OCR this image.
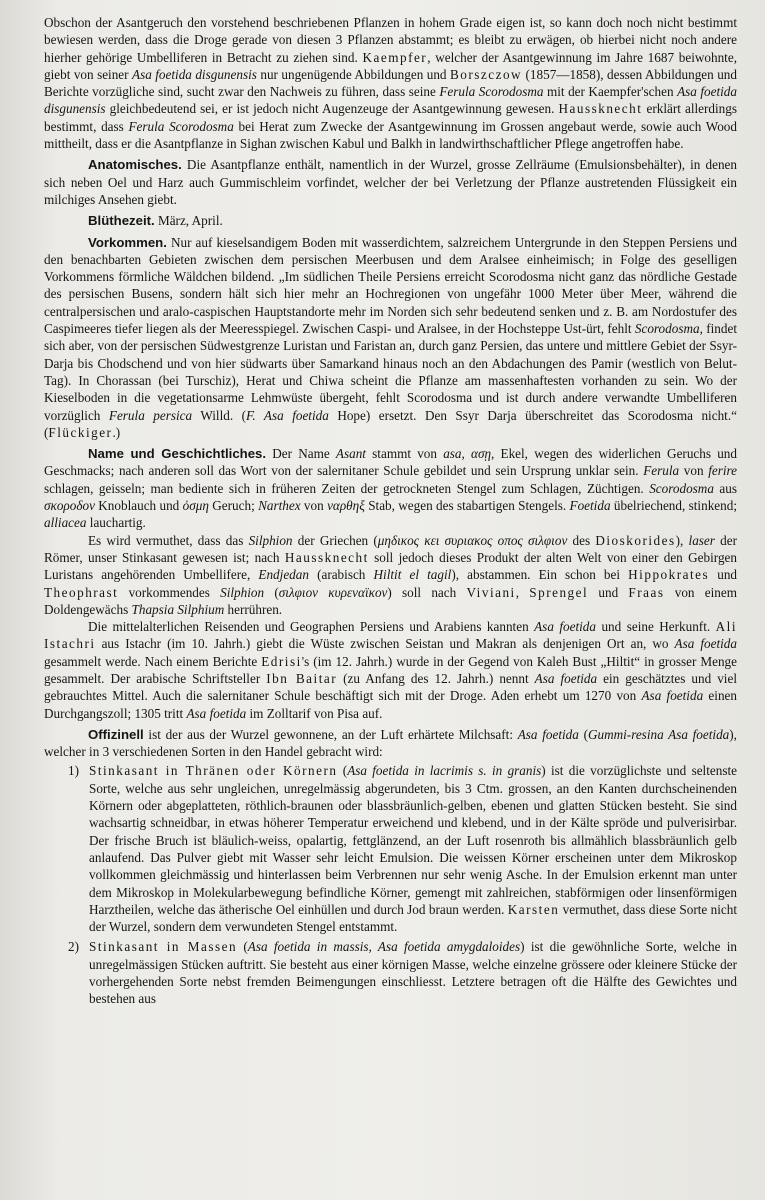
Obschon der Asantgeruch den vorstehend beschriebenen Pflanzen in hohem Grade eigen ist, so kann doch noch nicht bestimmt bewiesen werden, dass die Droge gerade von diesen 3 Pflanzen abstammt; es bleibt zu erwägen, ob hierbei nicht noch andere hierher gehörige Umbelliferen in Betracht zu ziehen sind. Kaempfer, welcher der Asantgewinnung im Jahre 1687 beiwohnte, giebt von seiner Asa foetida disgunensis nur ungenügende Abbildungen und Borszczow (1857—1858), dessen Abbildungen und Berichte vorzügliche sind, sucht zwar den Nachweis zu führen, dass seine Ferula Scorodosma mit der Kaempfer'schen Asa foetida disgunensis gleichbedeutend sei, er ist jedoch nicht Augenzeuge der Asantgewinnung gewesen. Haussknecht erklärt allerdings bestimmt, dass Ferula Scorodosma bei Herat zum Zwecke der Asantgewinnung im Grossen angebaut werde, sowie auch Wood mittheilt, dass er die Asantpflanze in Sighan zwischen Kabul und Balkh in landwirthschaftlicher Pflege angetroffen habe.

Anatomisches. Die Asantpflanze enthält, namentlich in der Wurzel, grosse Zellräume (Emulsionsbehälter), in denen sich neben Oel und Harz auch Gummischleim vorfindet, welcher der bei Verletzung der Pflanze austretenden Flüssigkeit ein milchiges Ansehen giebt.

Blüthezeit. März, April.

Vorkommen. Nur auf kieselsandigem Boden mit wasserdichtem, salzreichem Untergrunde in den Steppen Persiens und den benachbarten Gebieten zwischen dem persischen Meerbusen und dem Aralsee einheimisch; in Folge des geselligen Vorkommens förmliche Wäldchen bildend. „Im südlichen Theile Persiens erreicht Scorodosma nicht ganz das nördliche Gestade des persischen Busens, sondern hält sich hier mehr an Hochregionen von ungefähr 1000 Meter über Meer, während die centralpersischen und aralo-caspischen Hauptstandorte mehr im Norden sich sehr bedeutend senken und z. B. am Nordostufer des Caspimeeres tiefer liegen als der Meeresspiegel. Zwischen Caspi- und Aralsee, in der Hochsteppe Ust-ürt, fehlt Scorodosma, findet sich aber, von der persischen Südwestgrenze Luristan und Faristan an, durch ganz Persien, das untere und mittlere Gebiet der Ssyr-Darja bis Chodschend und von hier südwarts über Samarkand hinaus noch an den Abdachungen des Pamir (westlich von Belut-Tag). In Chorassan (bei Turschiz), Herat und Chiwa scheint die Pflanze am massenhaftesten vorhanden zu sein. Wo der Kieselboden in die vegetationsarme Lehmwüste übergeht, fehlt Scorodosma und ist durch andere verwandte Umbelliferen vorzüglich Ferula persica Willd. (F. Asa foetida Hope) ersetzt. Den Ssyr Darja überschreitet das Scorodosma nicht.“ (Flückiger.)

Name und Geschichtliches. Der Name Asant stammt von asa, ασῃ, Ekel, wegen des widerlichen Geruchs und Geschmacks; nach anderen soll das Wort von der salernitaner Schule gebildet und sein Ursprung unklar sein. Ferula von ferire schlagen, geisseln; man bediente sich in früheren Zeiten der getrockneten Stengel zum Schlagen, Züchtigen. Scorodosma aus σκοροδον Knoblauch und ὀσμη Geruch; Narthex von ναρθηξ Stab, wegen des stabartigen Stengels. Foetida übelriechend, stinkend; alliacea lauchartig.

Es wird vermuthet, dass das Silphion der Griechen (μηδικος κει συριακος οπος σιλφιον des Dioskorides), laser der Römer, unser Stinkasant gewesen ist; nach Haussknecht soll jedoch dieses Produkt der alten Welt von einer den Gebirgen Luristans angehörenden Umbellifere, Endjedan (arabisch Hiltit el tagil), abstammen. Ein schon bei Hippokrates und Theophrast vorkommendes Silphion (σιλφιον κυρεναϊκον) soll nach Viviani, Sprengel und Fraas von einem Doldengewächs Thapsia Silphium herrühren.

Die mittelalterlichen Reisenden und Geographen Persiens und Arabiens kannten Asa foetida und seine Herkunft. Ali Istachri aus Istachr (im 10. Jahrh.) giebt die Wüste zwischen Seistan und Makran als denjenigen Ort an, wo Asa foetida gesammelt werde. Nach einem Berichte Edrisi's (im 12. Jahrh.) wurde in der Gegend von Kaleh Bust „Hiltit“ in grosser Menge gesammelt. Der arabische Schriftsteller Ibn Baitar (zu Anfang des 12. Jahrh.) nennt Asa foetida ein geschätztes und viel gebrauchtes Mittel. Auch die salernitaner Schule beschäftigt sich mit der Droge. Aden erhebt um 1270 von Asa foetida einen Durchgangszoll; 1305 tritt Asa foetida im Zolltarif von Pisa auf.

Offizinell ist der aus der Wurzel gewonnene, an der Luft erhärtete Milchsaft: Asa foetida (Gummi-resina Asa foetida), welcher in 3 verschiedenen Sorten in den Handel gebracht wird:

1) Stinkasant in Thränen oder Körnern (Asa foetida in lacrimis s. in granis) ist die vorzüglichste und seltenste Sorte, welche aus sehr ungleichen, unregelmässig abgerundeten, bis 3 Ctm. grossen, an den Kanten durchscheinenden Körnern oder abgeplatteten, röthlich-braunen oder blassbräunlich-gelben, ebenen und glatten Stücken besteht. Sie sind wachsartig schneidbar, in etwas höherer Temperatur erweichend und klebend, und in der Kälte spröde und pulverisirbar. Der frische Bruch ist bläulich-weiss, opalartig, fettglänzend, an der Luft rosenroth bis allmählich blassbräunlich gelb anlaufend. Das Pulver giebt mit Wasser sehr leicht Emulsion. Die weissen Körner erscheinen unter dem Mikroskop vollkommen gleichmässig und hinterlassen beim Verbrennen nur sehr wenig Asche. In der Emulsion erkennt man unter dem Mikroskop in Molekularbewegung befindliche Körner, gemengt mit zahlreichen, stabförmigen oder linsenförmigen Harztheilen, welche das ätherische Oel einhüllen und durch Jod braun werden. Karsten vermuthet, dass diese Sorte nicht der Wurzel, sondern dem verwundeten Stengel entstammt.
2) Stinkasant in Massen (Asa foetida in massis, Asa foetida amygdaloides) ist die gewöhnliche Sorte, welche in unregelmässigen Stücken auftritt. Sie besteht aus einer körnigen Masse, welche einzelne grössere oder kleinere Stücke der vorhergehenden Sorte nebst fremden Beimengungen einschliesst. Letztere betragen oft die Hälfte des Gewichtes und bestehen aus
